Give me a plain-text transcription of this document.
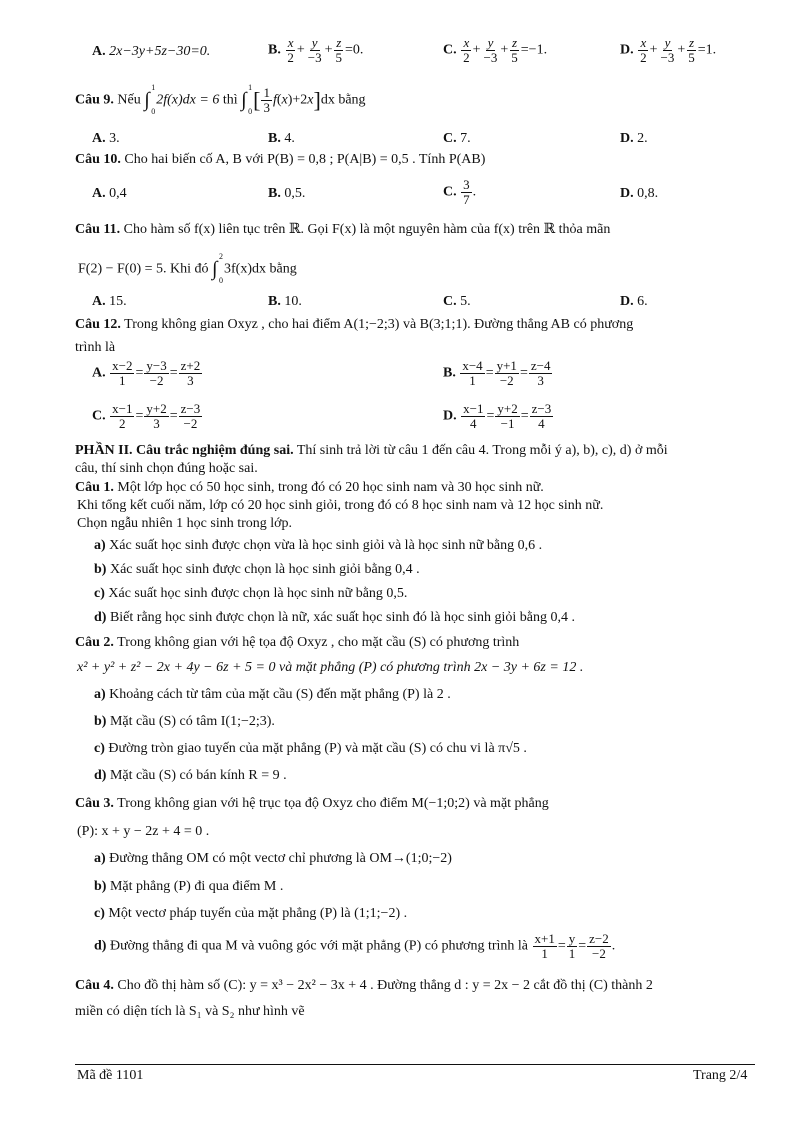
A. 2x−3y+5z−30=0.	B. $\frac{x}{2} + \frac{y}{-3} + \frac{z}{5} =0$.	C. $\frac{x}{2} + \frac{y}{-3} + \frac{z}{5} =-1$.	D. $\frac{x}{2} + \frac{y}{-3} + \frac{z}{5} =1$.
Câu 9. Nếu ∫
1
0
2f(x)dx = 6 thì ∫
1
0 [ $\frac{1}{3} f(x)+2x]dx$ bằng
A. 3.	B. 4.	C. 7.	D. 2.
Câu 10. Cho hai biến cố A, B với P(B) = 0,8 ; P(A|B) = 0,5 . Tính P(AB)
A. 0,4	B. 0,5.	C. $\frac{3}{7}$ .	D. 0,8.
Câu 11. Cho hàm số f(x) liên tục trên ℝ. Gọi F(x) là một nguyên hàm của f(x) trên ℝ thỏa mãn
F(2) − F(0) = 5. Khi đó ∫
2
0
3f(x)dx bằng
A. 15.	B. 10.	C. 5.	D. 6.
Câu 12. Trong không gian Oxyz , cho hai điểm A(1;−2;3) và B(3;1;1). Đường thẳng AB có phương
trình là
A. $\frac{x-2}{1} = \frac{y-3}{-2} = \frac{z+2}{3}$	B. $\frac{x-4}{1} = \frac{y+1}{-2} = \frac{z-4}{3}$
C. $\frac{x-1}{2} = \frac{y+2}{3} = \frac{z-3}{-2}$	D. $\frac{x-1}{4} = \frac{y+2}{-1} = \frac{z-3}{4}$
PHẦN II. Câu trắc nghiệm đúng sai. Thí sinh trả lời từ câu 1 đến câu 4. Trong mỗi ý a), b), c), d) ở mỗi
câu, thí sinh chọn đúng hoặc sai.
Câu 1. Một lớp học có 50 học sinh, trong đó có 20 học sinh nam và 30 học sinh nữ.
Khi tổng kết cuối năm, lớp có 20 học sinh giỏi, trong đó có 8 học sinh nam và 12 học sinh nữ.
Chọn ngẫu nhiên 1 học sinh trong lớp.
a) Xác suất học sinh được chọn vừa là học sinh giỏi và là học sinh nữ bằng 0,6 .
b) Xác suất học sinh được chọn là học sinh giỏi bằng 0,4 .
c) Xác suất học sinh được chọn là học sinh nữ bằng 0,5.
d) Biết rằng học sinh được chọn là nữ, xác suất học sinh đó là học sinh giỏi bằng 0,4 .
Câu 2. Trong không gian với hệ tọa độ Oxyz , cho mặt cầu (S) có phương trình
x² + y² + z² − 2x + 4y − 6z + 5 = 0 và mặt phẳng (P) có phương trình 2x − 3y + 6z = 12 .
a) Khoảng cách từ tâm của mặt cầu (S) đến mặt phẳng (P) là 2 .
b) Mặt cầu (S) có tâm I(1;−2;3).
c) Đường tròn giao tuyến của mặt phẳng (P) và mặt cầu (S) có chu vi là π√5 .
d) Mặt cầu (S) có bán kính R = 9 .
Câu 3. Trong không gian với hệ trục tọa độ Oxyz cho điểm M(−1;0;2) và mặt phẳng
(P): x + y − 2z + 4 = 0 .
a) Đường thẳng OM có một vectơ chỉ phương là OM→(1;0;−2)
b) Mặt phẳng (P) đi qua điểm M .
c) Một vectơ pháp tuyến của mặt phẳng (P) là (1;1;−2) .
d) Đường thẳng đi qua M và vuông góc với mặt phẳng (P) có phương trình là $\frac{x+1}{1} = \frac{y}{1} = \frac{z-2}{-2}$ .
Câu 4. Cho đồ thị hàm số (C): y = x³ − 2x² − 3x + 4 . Đường thẳng d : y = 2x − 2 cắt đồ thị (C) thành 2
miền có diện tích là S₁ và S₂ như hình vẽ
Mã đề 1101	Trang 2/4
